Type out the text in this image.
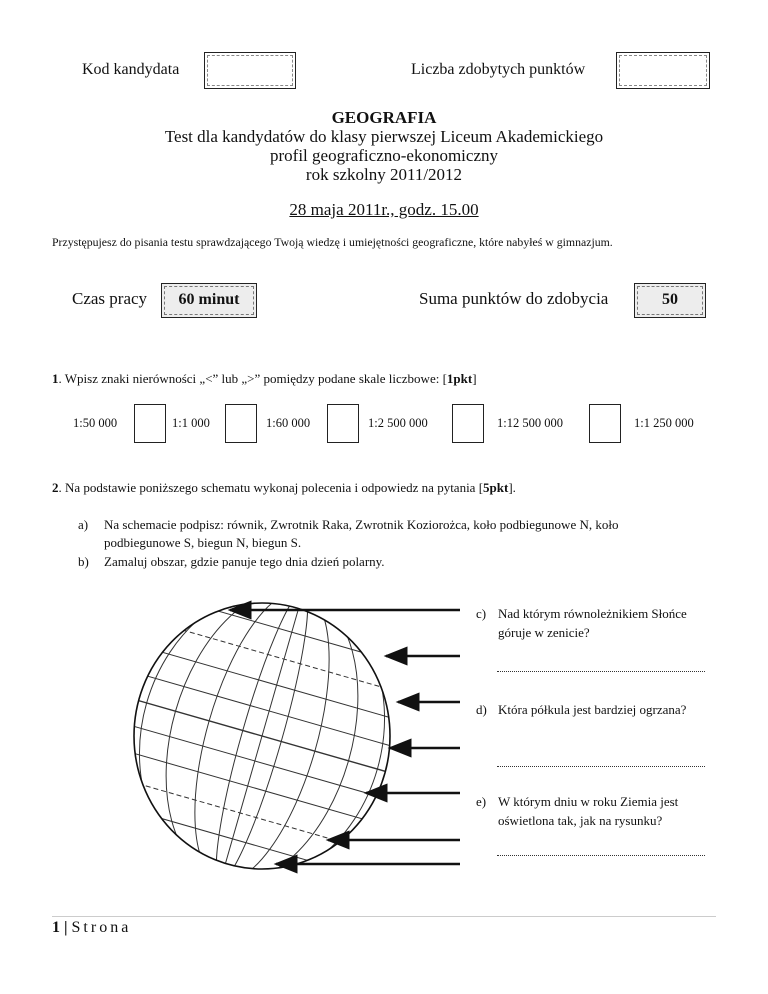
Kod kandydata	Liczba zdobytych punktów
GEOGRAFIA
Test dla kandydatów do klasy pierwszej Liceum Akademickiego
profil geograficzno-ekonomiczny
rok szkolny 2011/2012
28 maja 2011r., godz. 15.00
Przystępujesz do pisania testu sprawdzającego Twoją wiedzę i umiejętności geograficzne, które nabyłeś w gimnazjum.
Czas pracy	60 minut	Suma punktów do zdobycia	50
1. Wpisz znaki nierówności „<” lub „>” pomiędzy podane skale liczbowe: [1pkt]
1:50 000	1:1 000	1:60 000	1:2 500 000	1:12 500 000	1:1 250 000
2. Na podstawie poniższego schematu wykonaj polecenia i odpowiedz na pytania [5pkt].
a) Na schemacie podpisz: równik, Zwrotnik Raka, Zwrotnik Koziorożca, koło podbiegunowe N, koło
podbiegunowe S, biegun N, biegun S.
b) Zamaluj obszar, gdzie panuje tego dnia dzień polarny.
c) Nad którym równoleżnikiem Słońce góruje w zenicie?
d) Która półkula jest bardziej ogrzana?
e) W którym dniu w roku Ziemia jest oświetlona tak, jak na rysunku?
1 | Strona
